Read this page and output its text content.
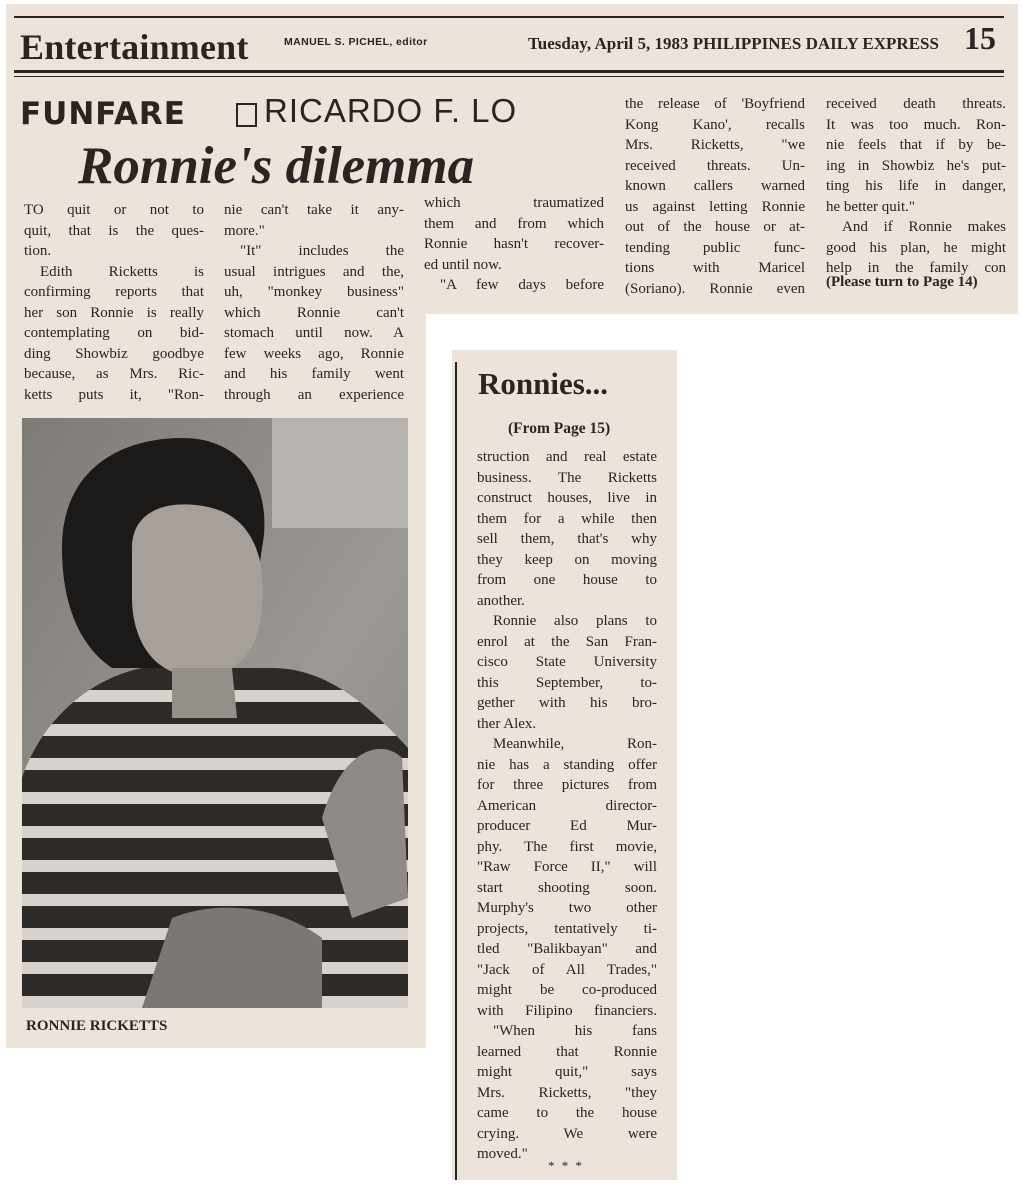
Entertainment	MANUEL S. PICHEL, editor	Tuesday, April 5, 1983 PHILIPPINES DAILY EXPRESS 15
FUNFARE RICARDO F. LO
Ronnie's dilemma
TO quit or not to
quit, that is the ques-
tion.
Edith Ricketts is
confirming reports that
her son Ronnie is really
contemplating on bid-
ding Showbiz goodbye
because, as Mrs. Ric-
ketts puts it, "Ron-
nie can't take it any-
more."
"It" includes the
usual intrigues and the,
uh, "monkey business"
which Ronnie can't
stomach until now. A
few weeks ago, Ronnie
and his family went
through an experience
which traumatized
them and from which
Ronnie hasn't recover-
ed until now.
"A few days before
the release of 'Boyfriend
Kong Kano', recalls
Mrs. Ricketts, "we
received threats. Un-
known callers warned
us against letting Ronnie
out of the house or at-
tending public func-
tions with Maricel
(Soriano). Ronnie even
received death threats.
It was too much. Ron-
nie feels that if by be-
ing in Showbiz he's put-
ting his life in danger,
he better quit."
And if Ronnie makes
good his plan, he might
help in the family con
(Please turn to Page 14)
RONNIE RICKETTS
Ronnies...
(From Page 15)
struction and real estate
business. The Ricketts
construct houses, live in
them for a while then
sell them, that's why
they keep on moving
from one house to
another.
Ronnie also plans to
enrol at the San Fran-
cisco State University
this September, to-
gether with his bro-
ther Alex.
Meanwhile, Ron-
nie has a standing offer
for three pictures from
American director-
producer Ed Mur-
phy. The first movie,
"Raw Force II," will
start shooting soon.
Murphy's two other
projects, tentatively ti-
tled "Balikbayan" and
"Jack of All Trades,"
might be co-produced
with Filipino financiers.
"When his fans
learned that Ronnie
might quit," says
Mrs. Ricketts, "they
came to the house
crying. We were
moved."
* * *
